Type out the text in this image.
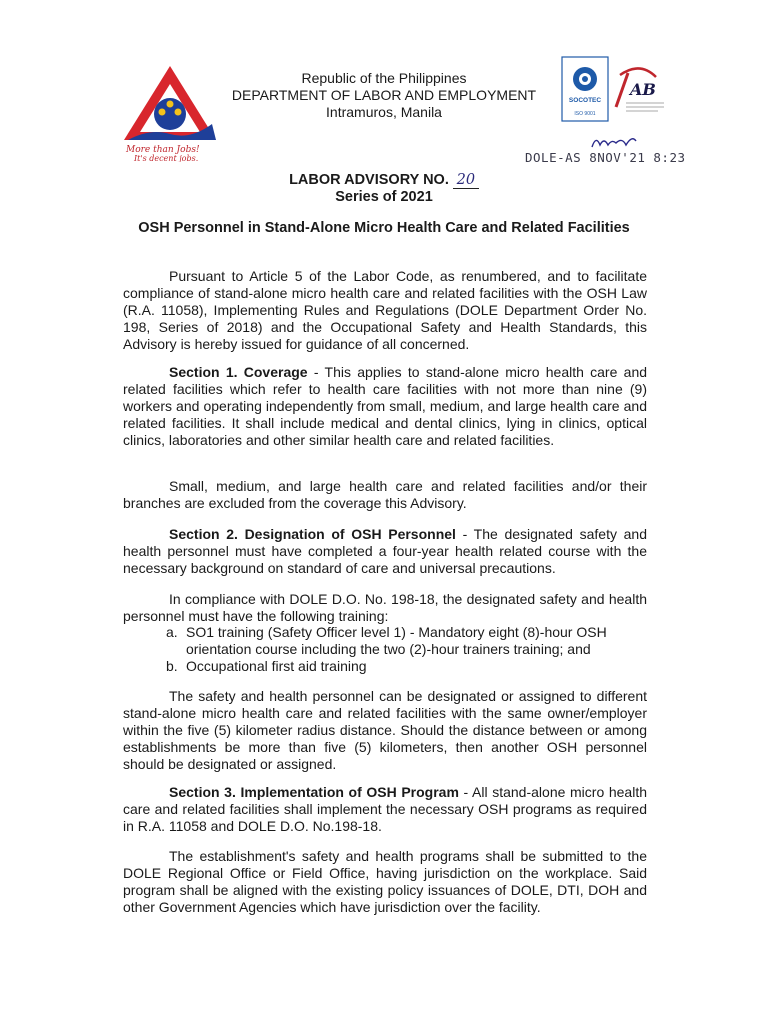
More than Jobs!
It's decent jobs.
Republic of the Philippines
DEPARTMENT OF LABOR AND EMPLOYMENT
Intramuros, Manila
SOCOTEC
ISO 9001
AB
DOLE-AS 8NOV'21 8:23
LABOR ADVISORY NO. 20
Series of 2021
OSH Personnel in Stand-Alone Micro Health Care and Related Facilities
Pursuant to Article 5 of the Labor Code, as renumbered, and to facilitate compliance of stand-alone micro health care and related facilities with the OSH Law (R.A. 11058), Implementing Rules and Regulations (DOLE Department Order No. 198, Series of 2018) and the Occupational Safety and Health Standards, this Advisory is hereby issued for guidance of all concerned.
Section 1. Coverage - This applies to stand-alone micro health care and related facilities which refer to health care facilities with not more than nine (9) workers and operating independently from small, medium, and large health care and related facilities. It shall include medical and dental clinics, lying in clinics, optical clinics, laboratories and other similar health care and related facilities.
Small, medium, and large health care and related facilities and/or their branches are excluded from the coverage this Advisory.
Section 2. Designation of OSH Personnel - The designated safety and health personnel must have completed a four-year health related course with the necessary background on standard of care and universal precautions.
In compliance with DOLE D.O. No. 198-18, the designated safety and health personnel must have the following training:
a. SO1 training (Safety Officer level 1) - Mandatory eight (8)-hour OSH orientation course including the two (2)-hour trainers training; and
b. Occupational first aid training
The safety and health personnel can be designated or assigned to different stand-alone micro health care and related facilities with the same owner/employer within the five (5) kilometer radius distance. Should the distance between or among establishments be more than five (5) kilometers, then another OSH personnel should be designated or assigned.
Section 3. Implementation of OSH Program - All stand-alone micro health care and related facilities shall implement the necessary OSH programs as required in R.A. 11058 and DOLE D.O. No.198-18.
The establishment's safety and health programs shall be submitted to the DOLE Regional Office or Field Office, having jurisdiction on the workplace. Said program shall be aligned with the existing policy issuances of DOLE, DTI, DOH and other Government Agencies which have jurisdiction over the facility.
